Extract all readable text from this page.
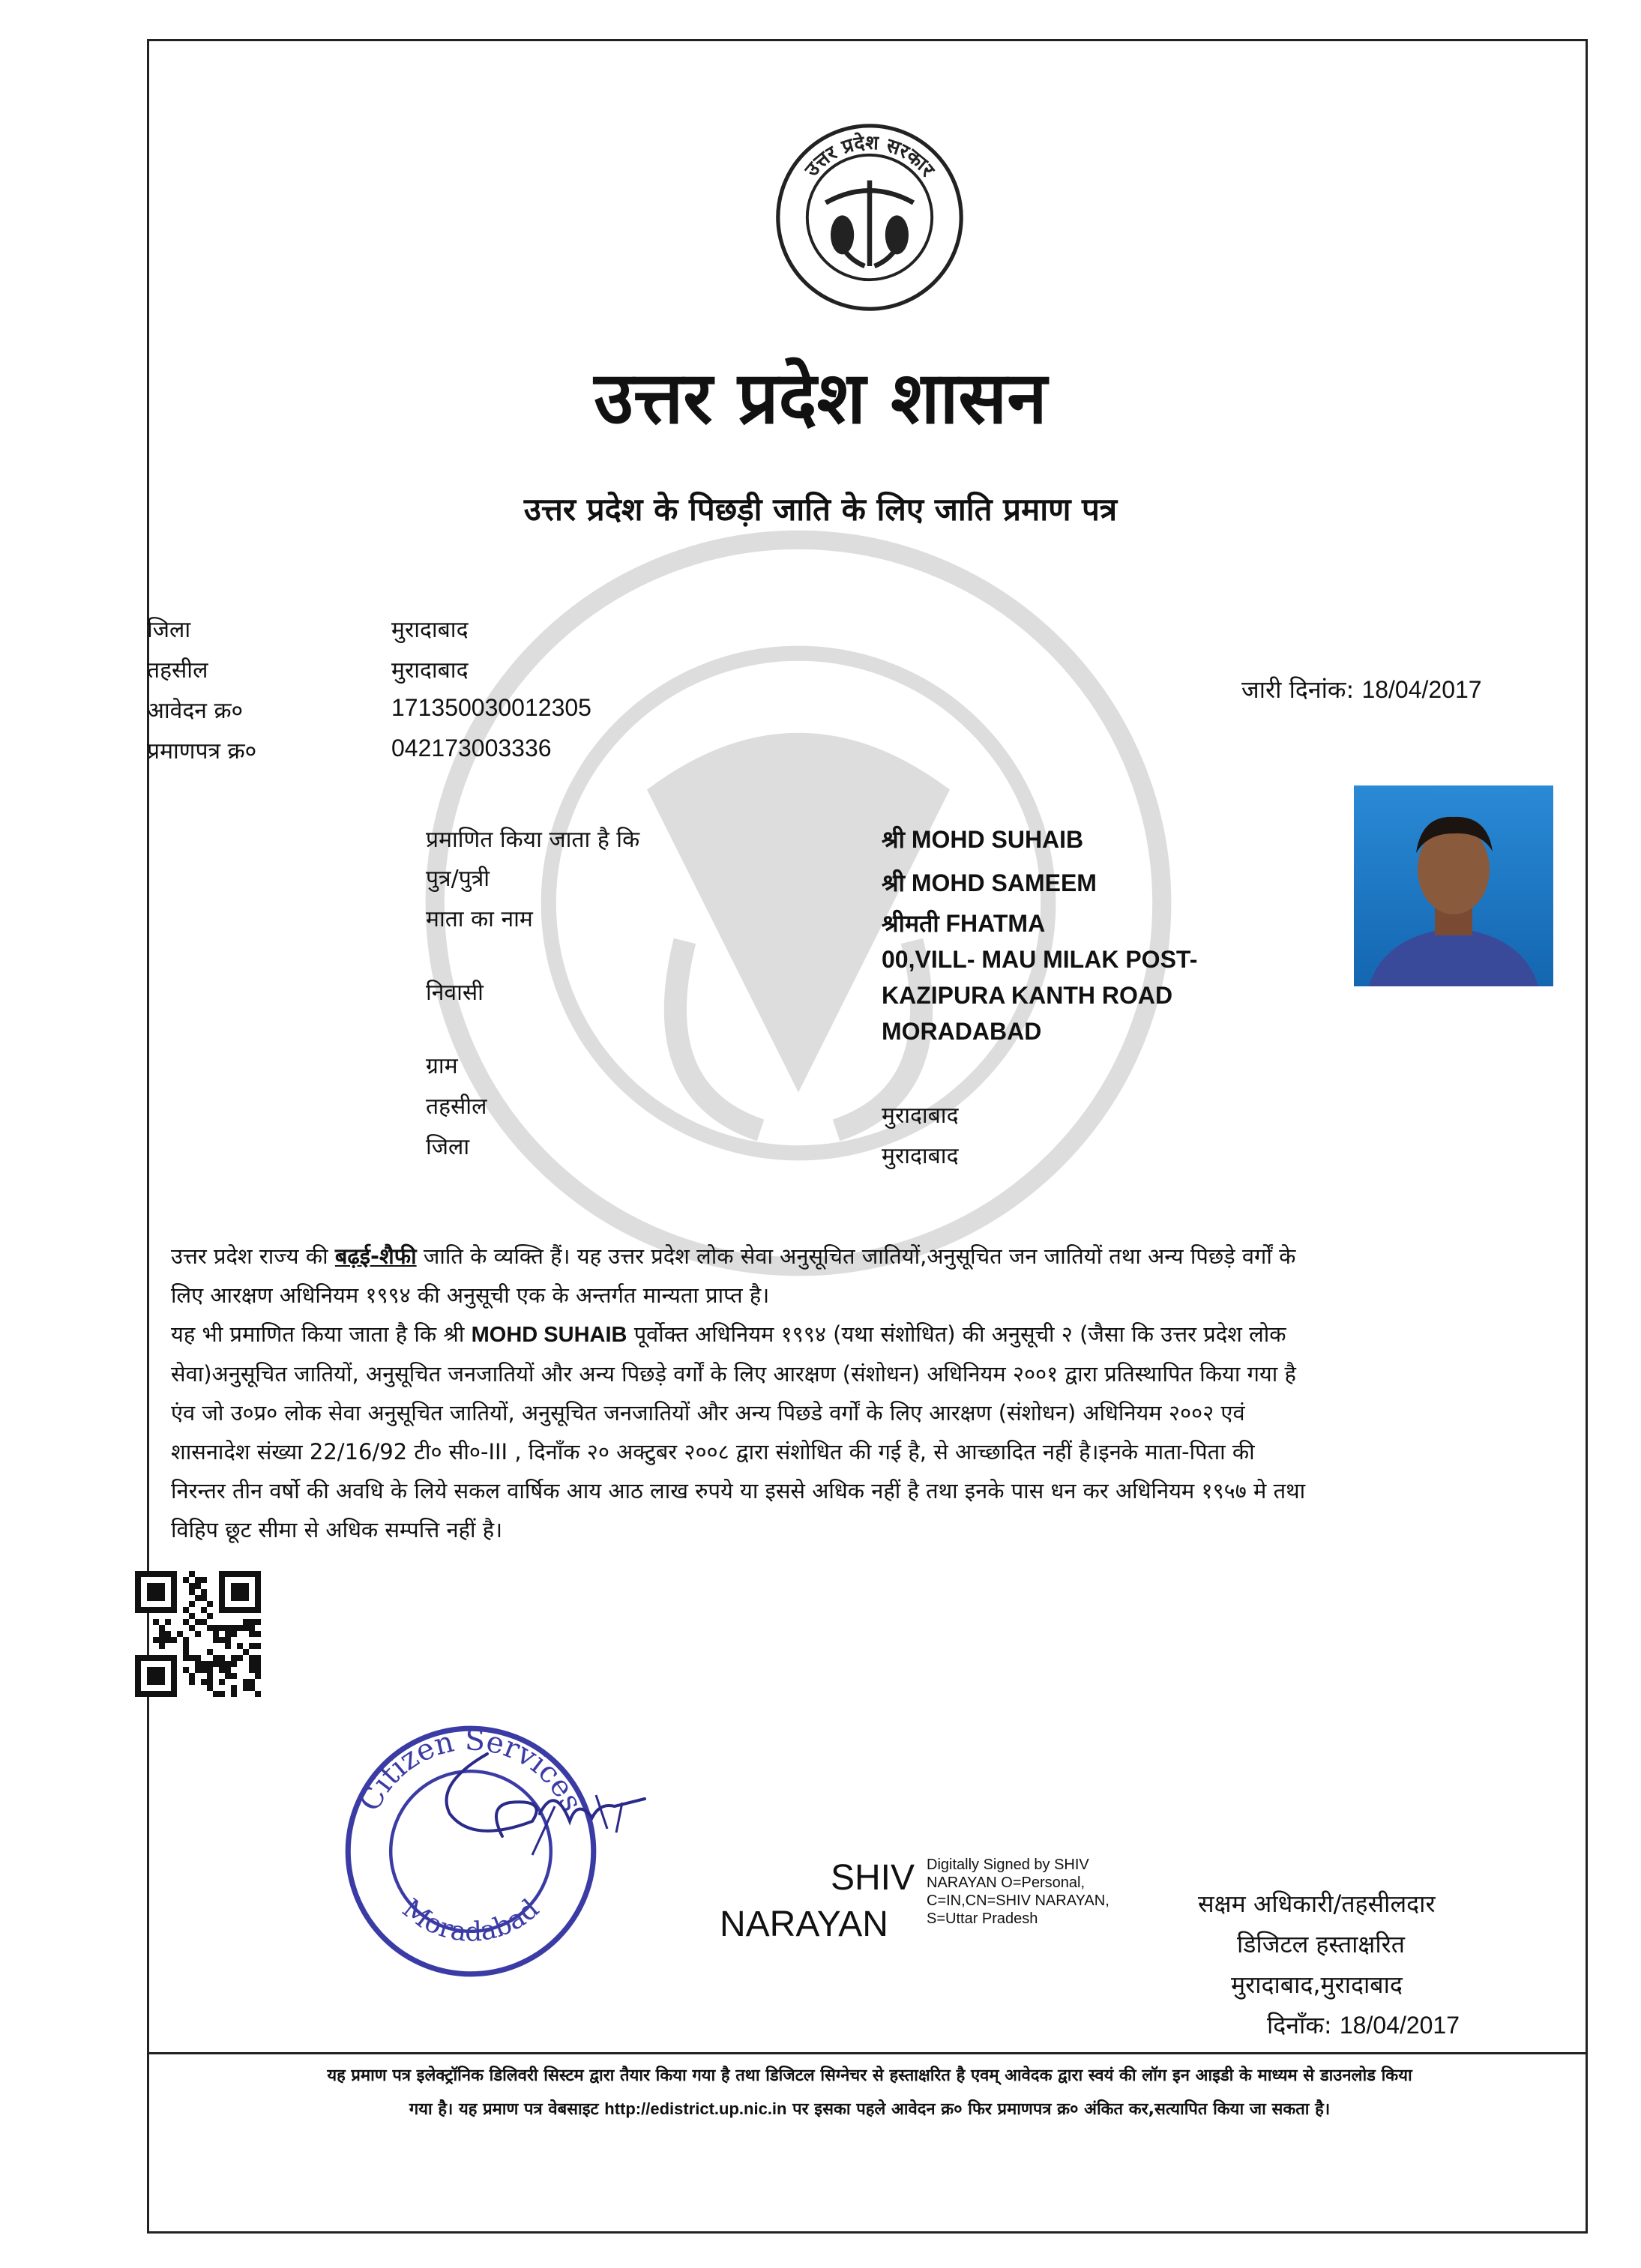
उत्तर प्रदेश सरकार
उत्तर प्रदेश शासन
उत्तर प्रदेश के पिछड़ी जाति के लिए जाति प्रमाण पत्र
जिला	मुरादाबाद
तहसील	मुरादाबाद
आवेदन क्र०	171350030012305
प्रमाणपत्र क्र०	042173003336
जारी दिनांक: 18/04/2017
प्रमाणित किया जाता है कि	श्री MOHD SUHAIB
पुत्र/पुत्री	श्री MOHD SAMEEM
माता का नाम	श्रीमती FHATMA
निवासी
00,VILL- MAU MILAK POST-
KAZIPURA KANTH ROAD
MORADABAD
ग्राम
तहसील	मुरादाबाद
जिला	मुरादाबाद

उत्तर प्रदेश राज्य की बढ़ई-शैफी जाति के व्यक्ति हैं। यह उत्तर प्रदेश लोक सेवा अनुसूचित जातियों,अनुसूचित जन जातियों तथा अन्य पिछड़े वर्गों के

लिए आरक्षण अधिनियम १९९४ की अनुसूची एक के अन्तर्गत मान्यता प्राप्त है।

यह भी प्रमाणित किया जाता है कि श्री MOHD SUHAIB पूर्वोक्त अधिनियम १९९४ (यथा संशोधित) की अनुसूची २ (जैसा कि उत्तर प्रदेश लोक

सेवा)अनुसूचित जातियों, अनुसूचित जनजातियों और अन्य पिछड़े वर्गों के लिए आरक्षण (संशोधन) अधिनियम २००१ द्वारा प्रतिस्थापित किया गया है

एंव जो उ०प्र० लोक सेवा अनुसूचित जातियों, अनुसूचित जनजातियों और अन्य पिछडे वर्गों के लिए आरक्षण (संशोधन) अधिनियम २००२ एवं

शासनादेश संख्या 22/16/92 टी० सी०-III , दिनाँक २० अक्टुबर २००८ द्वारा संशोधित की गई है, से आच्छादित नहीं है।इनके माता-पिता की

निरन्तर तीन वर्षो की अवधि के लिये सकल वार्षिक आय आठ लाख रुपये या इससे अधिक नहीं है तथा इनके पास धन कर अधिनियम १९५७ मे तथा

विहिप छूट सीमा से अधिक सम्पत्ति नहीं है।

Citizen Services
Moradabad
SHIV
NARAYAN
Digitally Signed by SHIV
NARAYAN O=Personal,
C=IN,CN=SHIV NARAYAN,
S=Uttar Pradesh
सक्षम अधिकारी/तहसीलदार
डिजिटल हस्ताक्षरित
मुरादाबाद,मुरादाबाद
दिनाँक: 18/04/2017

यह प्रमाण पत्र इलेक्ट्रॉनिक डिलिवरी सिस्टम द्वारा तैयार किया गया है तथा डिजिटल सिग्नेचर से हस्ताक्षरित है एवम् आवेदक द्वारा स्वयं की लॉग इन आइडी के माध्यम से डाउनलोड किया

गया है। यह प्रमाण पत्र वेबसाइट http://edistrict.up.nic.in पर इसका पहले आवेदन क्र० फिर प्रमाणपत्र क्र० अंकित कर,सत्यापित किया जा सकता है।
